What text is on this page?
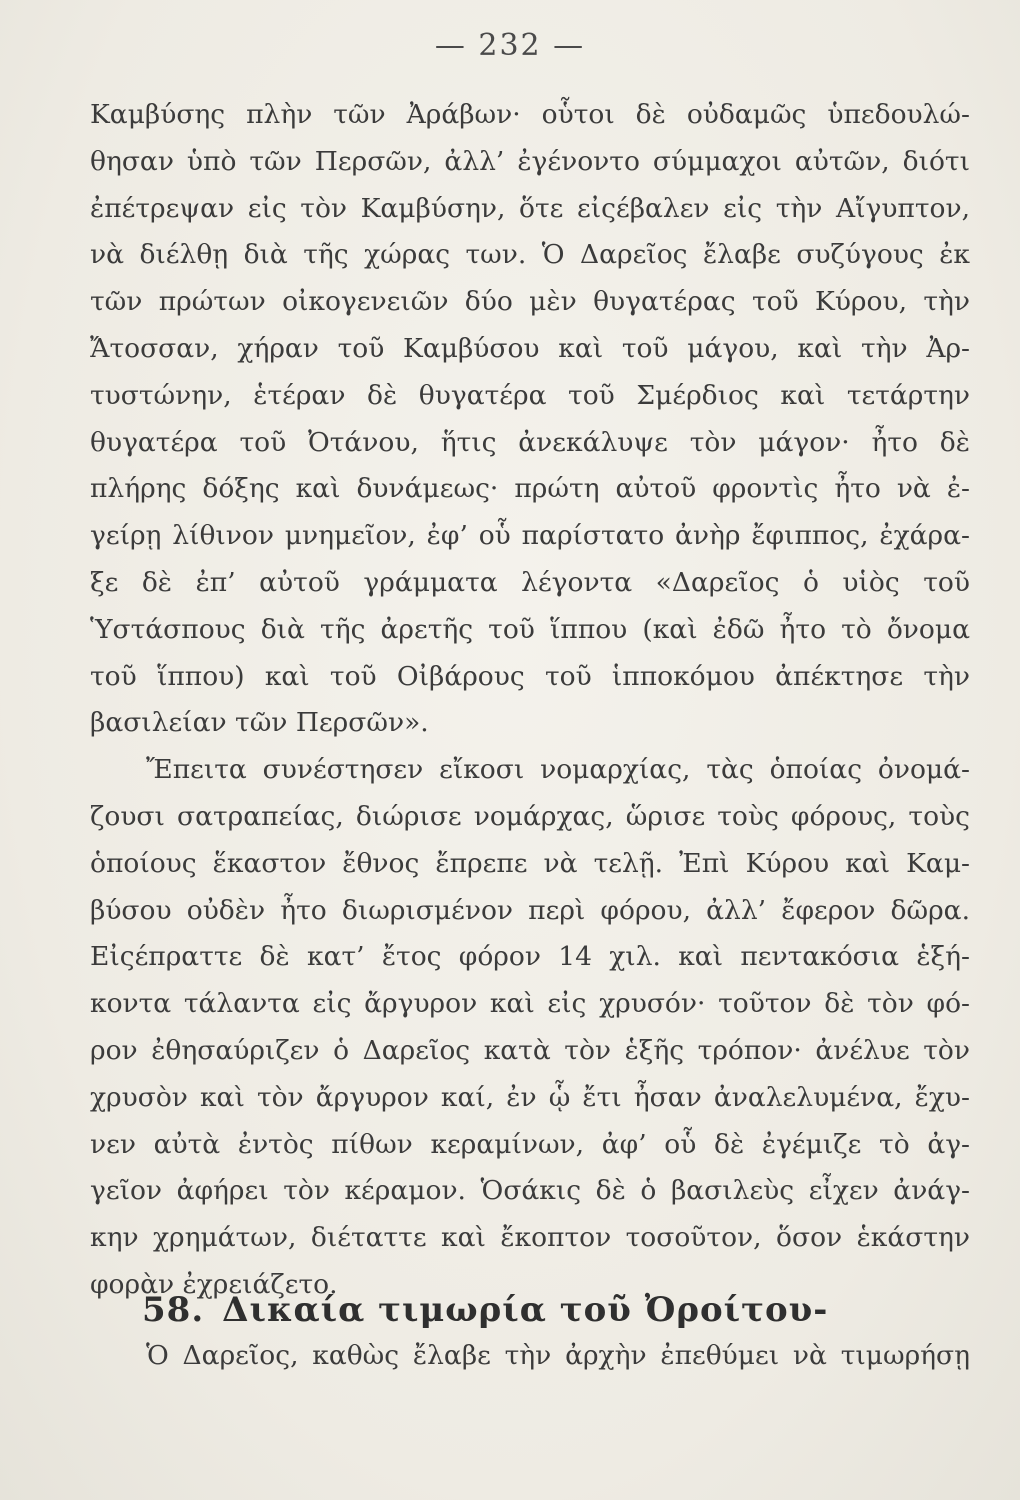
— 232 —
Καμβύσης πλὴν τῶν Ἀράβων· οὗτοι δὲ οὐδαμῶς ὑπεδουλώ-
θησαν ὑπὸ τῶν Περσῶν, ἀλλ’ ἐγένοντο σύμμαχοι αὐτῶν, διότι
ἐπέτρεψαν εἰς τὸν Καμβύσην, ὅτε εἰςέβαλεν εἰς τὴν Αἴγυπτον,
νὰ διέλθῃ διὰ τῆς χώρας των. Ὁ Δαρεῖος ἔλαβε συζύγους ἐκ
τῶν πρώτων οἰκογενειῶν δύο μὲν θυγατέρας τοῦ Κύρου, τὴν
Ἄτοσσαν, χήραν τοῦ Καμβύσου καὶ τοῦ μάγου, καὶ τὴν Ἀρ-
τυστώνην, ἑτέραν δὲ θυγατέρα τοῦ Σμέρδιος καὶ τετάρτην
θυγατέρα τοῦ Ὀτάνου, ἥτις ἀνεκάλυψε τὸν μάγον· ἦτο δὲ
πλήρης δόξης καὶ δυνάμεως· πρώτη αὐτοῦ φροντὶς ἦτο νὰ ἐ-
γείρῃ λίθινον μνημεῖον, ἐφ’ οὗ παρίστατο ἀνὴρ ἔφιππος, ἐχάρα-
ξε δὲ ἐπ’ αὐτοῦ γράμματα λέγοντα «Δαρεῖος ὁ υἱὸς τοῦ
Ὑστάσπους διὰ τῆς ἀρετῆς τοῦ ἵππου (καὶ ἐδῶ ἦτο τὸ ὄνομα
τοῦ ἵππου) καὶ τοῦ Οἰβάρους τοῦ ἱπποκόμου ἀπέκτησε τὴν
βασιλείαν τῶν Περσῶν».
Ἔπειτα συνέστησεν εἴκοσι νομαρχίας, τὰς ὁποίας ὀνομά-
ζουσι σατραπείας, διώρισε νομάρχας, ὥρισε τοὺς φόρους, τοὺς
ὁποίους ἕκαστον ἔθνος ἔπρεπε νὰ τελῇ. Ἐπὶ Κύρου καὶ Καμ-
βύσου οὐδὲν ἦτο διωρισμένον περὶ φόρου, ἀλλ’ ἔφερον δῶρα.
Εἰςέπραττε δὲ κατ’ ἔτος φόρον 14 χιλ. καὶ πεντακόσια ἑξή-
κοντα τάλαντα εἰς ἄργυρον καὶ εἰς χρυσόν· τοῦτον δὲ τὸν φό-
ρον ἐθησαύριζεν ὁ Δαρεῖος κατὰ τὸν ἑξῆς τρόπον· ἀνέλυε τὸν
χρυσὸν καὶ τὸν ἄργυρον καί, ἐν ᾧ ἔτι ἦσαν ἀναλελυμένα, ἔχυ-
νεν αὐτὰ ἐντὸς πίθων κεραμίνων, ἀφ’ οὗ δὲ ἐγέμιζε τὸ ἀγ-
γεῖον ἀφήρει τὸν κέραμον. Ὁσάκις δὲ ὁ βασιλεὺς εἶχεν ἀνάγ-
κην χρημάτων, διέταττε καὶ ἔκοπτον τοσοῦτον, ὅσον ἑκάστην
φορὰν ἐχρειάζετο.
58. Δικαία τιμωρία τοῦ Ὀροίτου-
Ὁ Δαρεῖος, καθὼς ἔλαβε τὴν ἀρχὴν ἐπεθύμει νὰ τιμωρήσῃ
